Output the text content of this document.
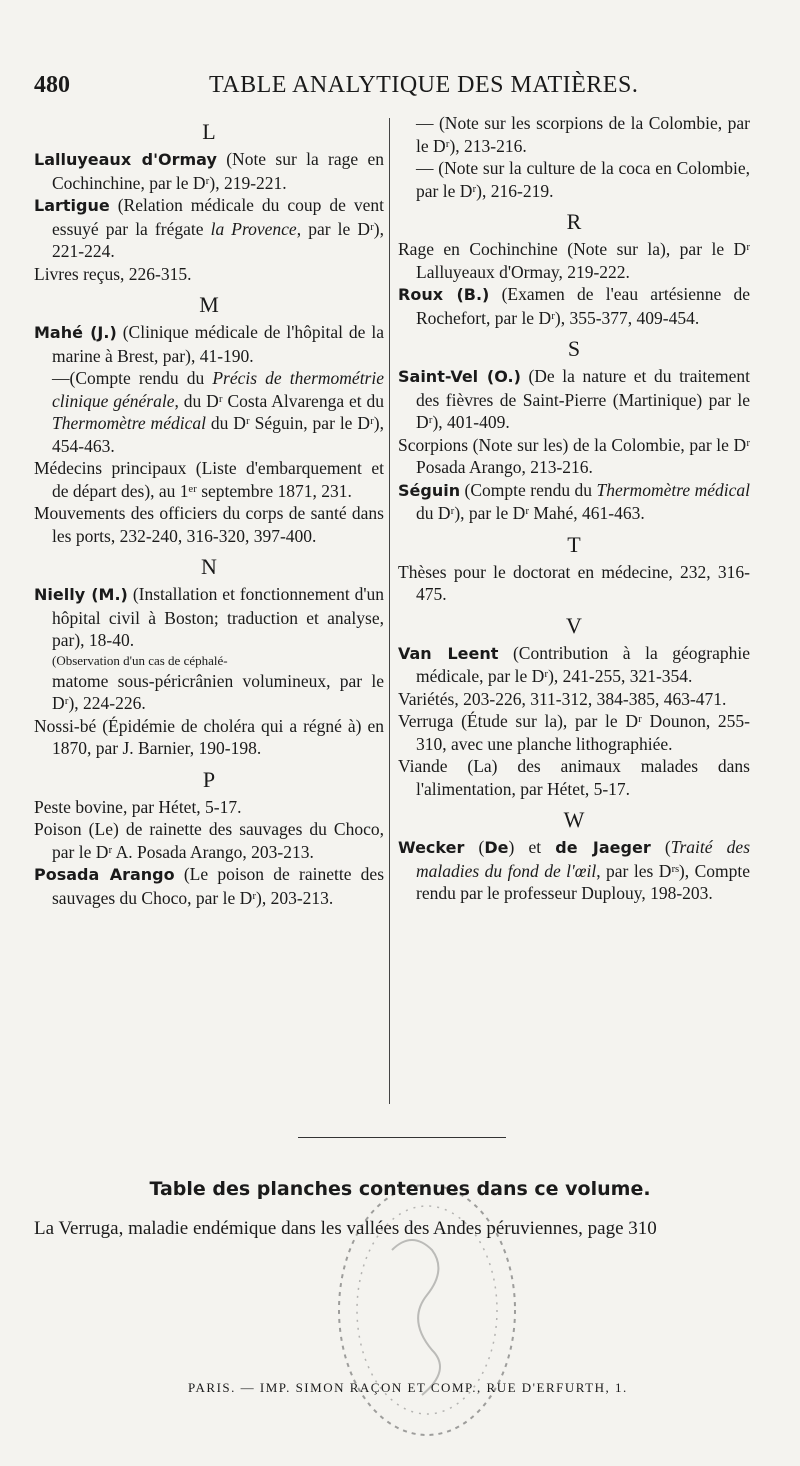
480	TABLE ANALYTIQUE DES MATIÈRES.
L

Lalluyeaux d'Ormay (Note sur la rage en Cochinchine, par le Dʳ), 219-221.

Lartigue (Relation médicale du coup de vent essuyé par la frégate la Provence, par le Dʳ), 221-224.

Livres reçus, 226-315.

M

Mahé (J.) (Clinique médicale de l'hôpital de la marine à Brest, par), 41-190.

—(Compte rendu du Précis de thermométrie clinique générale, du Dʳ Costa Alvarenga et du Thermomètre médical du Dʳ Séguin, par le Dʳ), 454-463.

Médecins principaux (Liste d'embarquement et de départ des), au 1ᵉʳ septembre 1871, 231.

Mouvements des officiers du corps de santé dans les ports, 232-240, 316-320, 397-400.

N

Nielly (M.) (Installation et fonctionnement d'un hôpital civil à Boston; traduction et analyse, par), 18-40.

(Observation d'un cas de céphalé-

matome sous-péricrânien volumineux, par le Dʳ), 224-226.

Nossi-bé (Épidémie de choléra qui a régné à) en 1870, par J. Barnier, 190-198.

P

Peste bovine, par Hétet, 5-17.

Poison (Le) de rainette des sauvages du Choco, par le Dʳ A. Posada Arango, 203-213.

Posada Arango (Le poison de rainette des sauvages du Choco, par le Dʳ), 203-213.

— (Note sur les scorpions de la Colombie, par le Dʳ), 213-216.

— (Note sur la culture de la coca en Colombie, par le Dʳ), 216-219.

R

Rage en Cochinchine (Note sur la), par le Dʳ Lalluyeaux d'Ormay, 219-222.

Roux (B.) (Examen de l'eau artésienne de Rochefort, par le Dʳ), 355-377, 409-454.

S

Saint-Vel (O.) (De la nature et du traitement des fièvres de Saint-Pierre (Martinique) par le Dʳ), 401-409.

Scorpions (Note sur les) de la Colombie, par le Dʳ Posada Arango, 213-216.

Séguin (Compte rendu du Thermomètre médical du Dʳ), par le Dʳ Mahé, 461-463.

T

Thèses pour le doctorat en médecine, 232, 316-475.

V

Van Leent (Contribution à la géographie médicale, par le Dʳ), 241-255, 321-354.

Variétés, 203-226, 311-312, 384-385, 463-471.

Verruga (Étude sur la), par le Dʳ Dounon, 255-310, avec une planche lithographiée.

Viande (La) des animaux malades dans l'alimentation, par Hétet, 5-17.

W

Wecker (De) et de Jaeger (Traité des maladies du fond de l'œil, par les Dʳˢ), Compte rendu par le professeur Duplouy, 198-203.

Table des planches contenues dans ce volume.
La Verruga, maladie endémique dans les vallées des Andes péruviennes, page 310
PARIS. — IMP. SIMON RAÇON ET COMP., RUE D'ERFURTH, 1.
